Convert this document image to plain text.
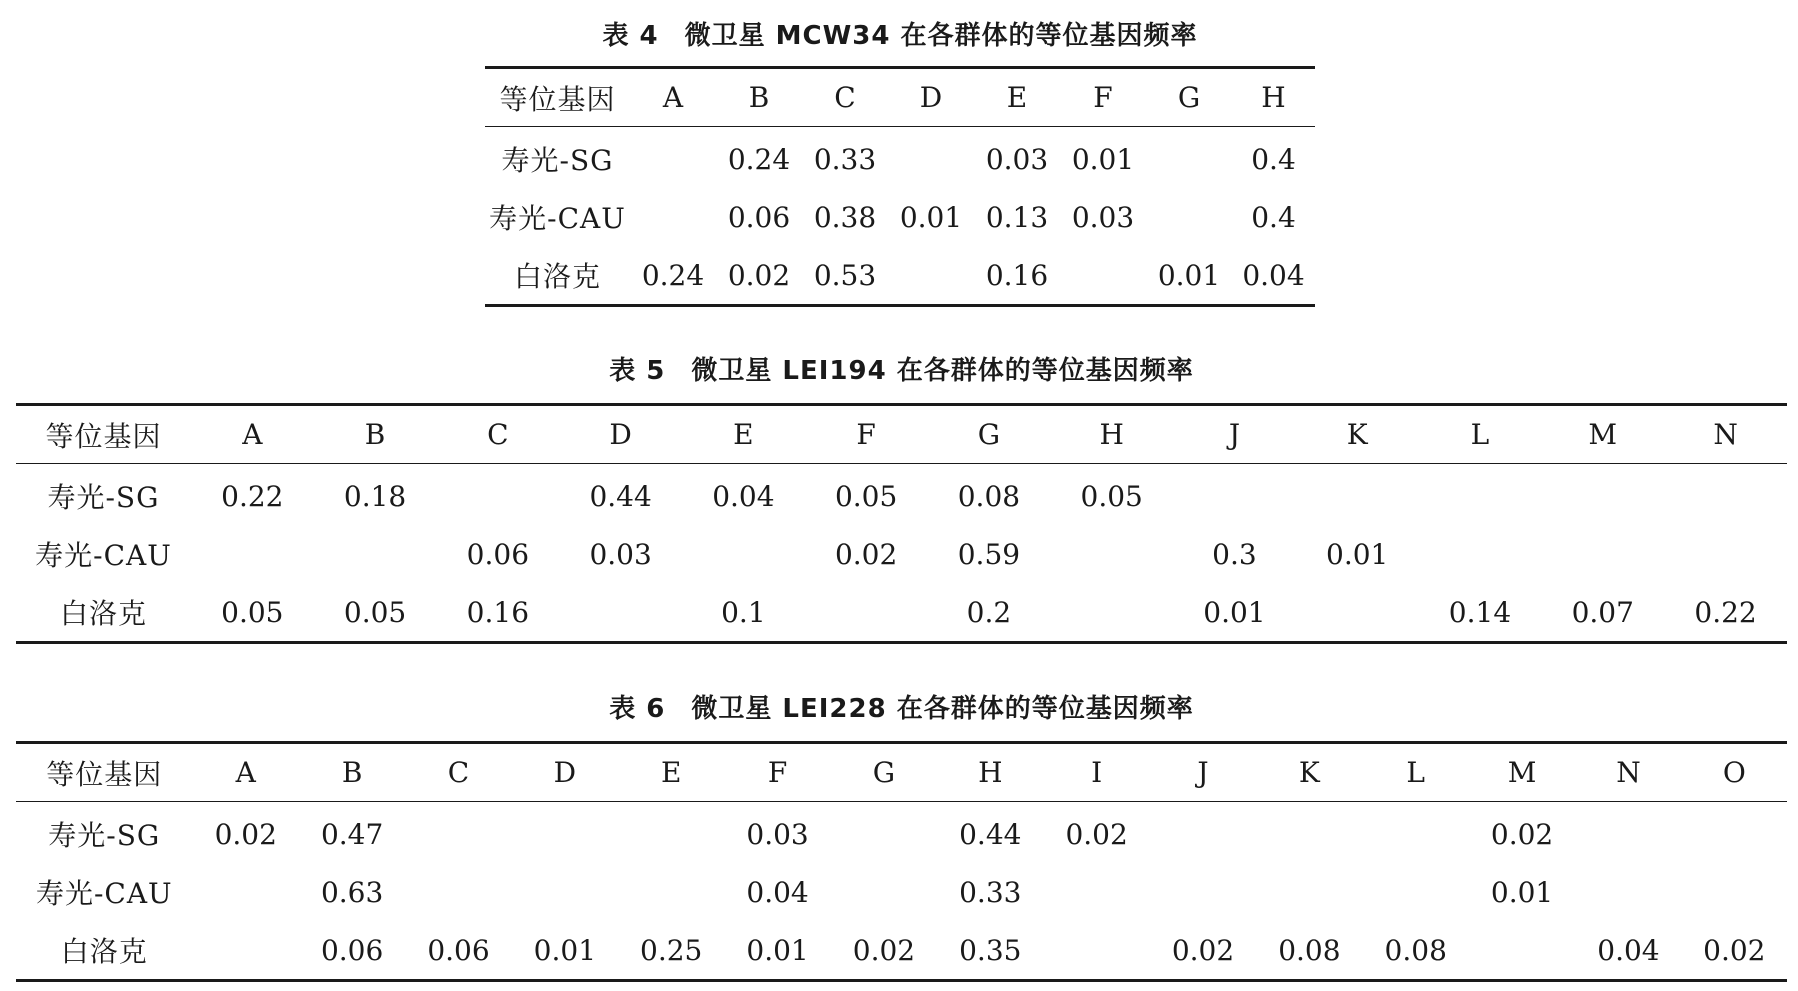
表 4 微卫星 MCW34 在各群体的等位基因频率
等位基因	A	B	C	D	E	F	G	H
寿光-SG		0.24	0.33		0.03	0.01		0.4
寿光-CAU		0.06	0.38	0.01	0.13	0.03		0.4
白洛克	0.24	0.02	0.53		0.16		0.01	0.04
表 5 微卫星 LEI194 在各群体的等位基因频率
等位基因	A	B	C	D	E	F	G	H	J	K	L	M	N
寿光-SG	0.22	0.18		0.44	0.04	0.05	0.08	0.05					
寿光-CAU			0.06	0.03		0.02	0.59		0.3	0.01			
白洛克	0.05	0.05	0.16		0.1		0.2		0.01		0.14	0.07	0.22
表 6 微卫星 LEI228 在各群体的等位基因频率
等位基因	A	B	C	D	E	F	G	H	I	J	K	L	M	N	O
寿光-SG	0.02	0.47				0.03		0.44	0.02				0.02		
寿光-CAU		0.63				0.04		0.33					0.01		
白洛克		0.06	0.06	0.01	0.25	0.01	0.02	0.35		0.02	0.08	0.08		0.04	0.02
